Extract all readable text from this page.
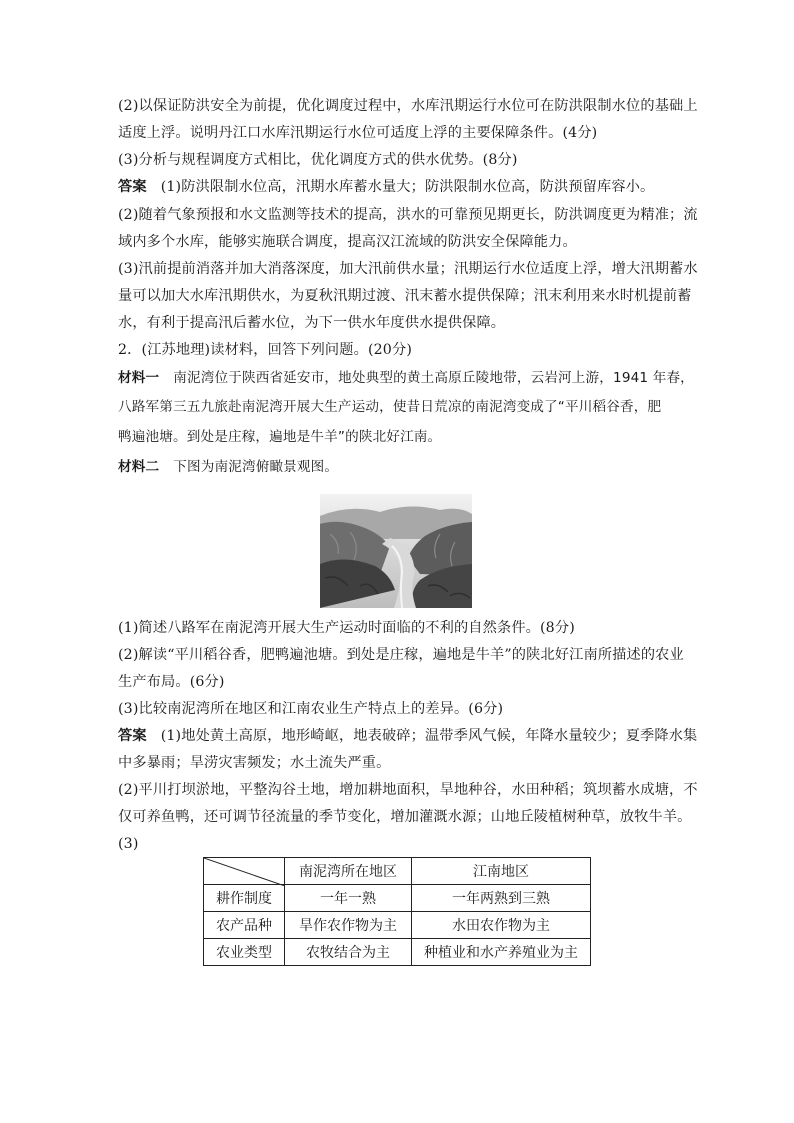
(2)以保证防洪安全为前提，优化调度过程中，水库汛期运行水位可在防洪限制水位的基础上
适度上浮。说明丹江口水库汛期运行水位可适度上浮的主要保障条件。(4分)
(3)分析与规程调度方式相比，优化调度方式的供水优势。(8分)
答案 (1)防洪限制水位高，汛期水库蓄水量大；防洪限制水位高，防洪预留库容小。
(2)随着气象预报和水文监测等技术的提高，洪水的可靠预见期更长，防洪调度更为精准；流
域内多个水库，能够实施联合调度，提高汉江流域的防洪安全保障能力。
(3)汛前提前消落并加大消落深度，加大汛前供水量；汛期运行水位适度上浮，增大汛期蓄水
量可以加大水库汛期供水，为夏秋汛期过渡、汛末蓄水提供保障；汛末利用来水时机提前蓄
水，有利于提高汛后蓄水位，为下一供水年度供水提供保障。
2．(江苏地理)读材料，回答下列问题。(20分)
材料一 南泥湾位于陕西省延安市，地处典型的黄土高原丘陵地带，云岩河上游，1941 年春，
八路军第三五九旅赴南泥湾开展大生产运动，使昔日荒凉的南泥湾变成了“平川稻谷香，肥
鸭遍池塘。到处是庄稼，遍地是牛羊”的陕北好江南。
材料二 下图为南泥湾俯瞰景观图。
(1)简述八路军在南泥湾开展大生产运动时面临的不利的自然条件。(8分)
(2)解读“平川稻谷香，肥鸭遍池塘。到处是庄稼，遍地是牛羊”的陕北好江南所描述的农业
生产布局。(6分)
(3)比较南泥湾所在地区和江南农业生产特点上的差异。(6分)
答案 (1)地处黄土高原，地形崎岖，地表破碎；温带季风气候，年降水量较少；夏季降水集
中多暴雨；旱涝灾害频发；水土流失严重。
(2)平川打坝淤地，平整沟谷土地，增加耕地面积，旱地种谷，水田种稻；筑坝蓄水成塘，不
仅可养鱼鸭，还可调节径流量的季节变化，增加灌溉水源；山地丘陵植树种草，放牧牛羊。
(3)
	南泥湾所在地区	江南地区
耕作制度	一年一熟	一年两熟到三熟
农产品种	旱作农作物为主	水田农作物为主
农业类型	农牧结合为主	种植业和水产养殖业为主
